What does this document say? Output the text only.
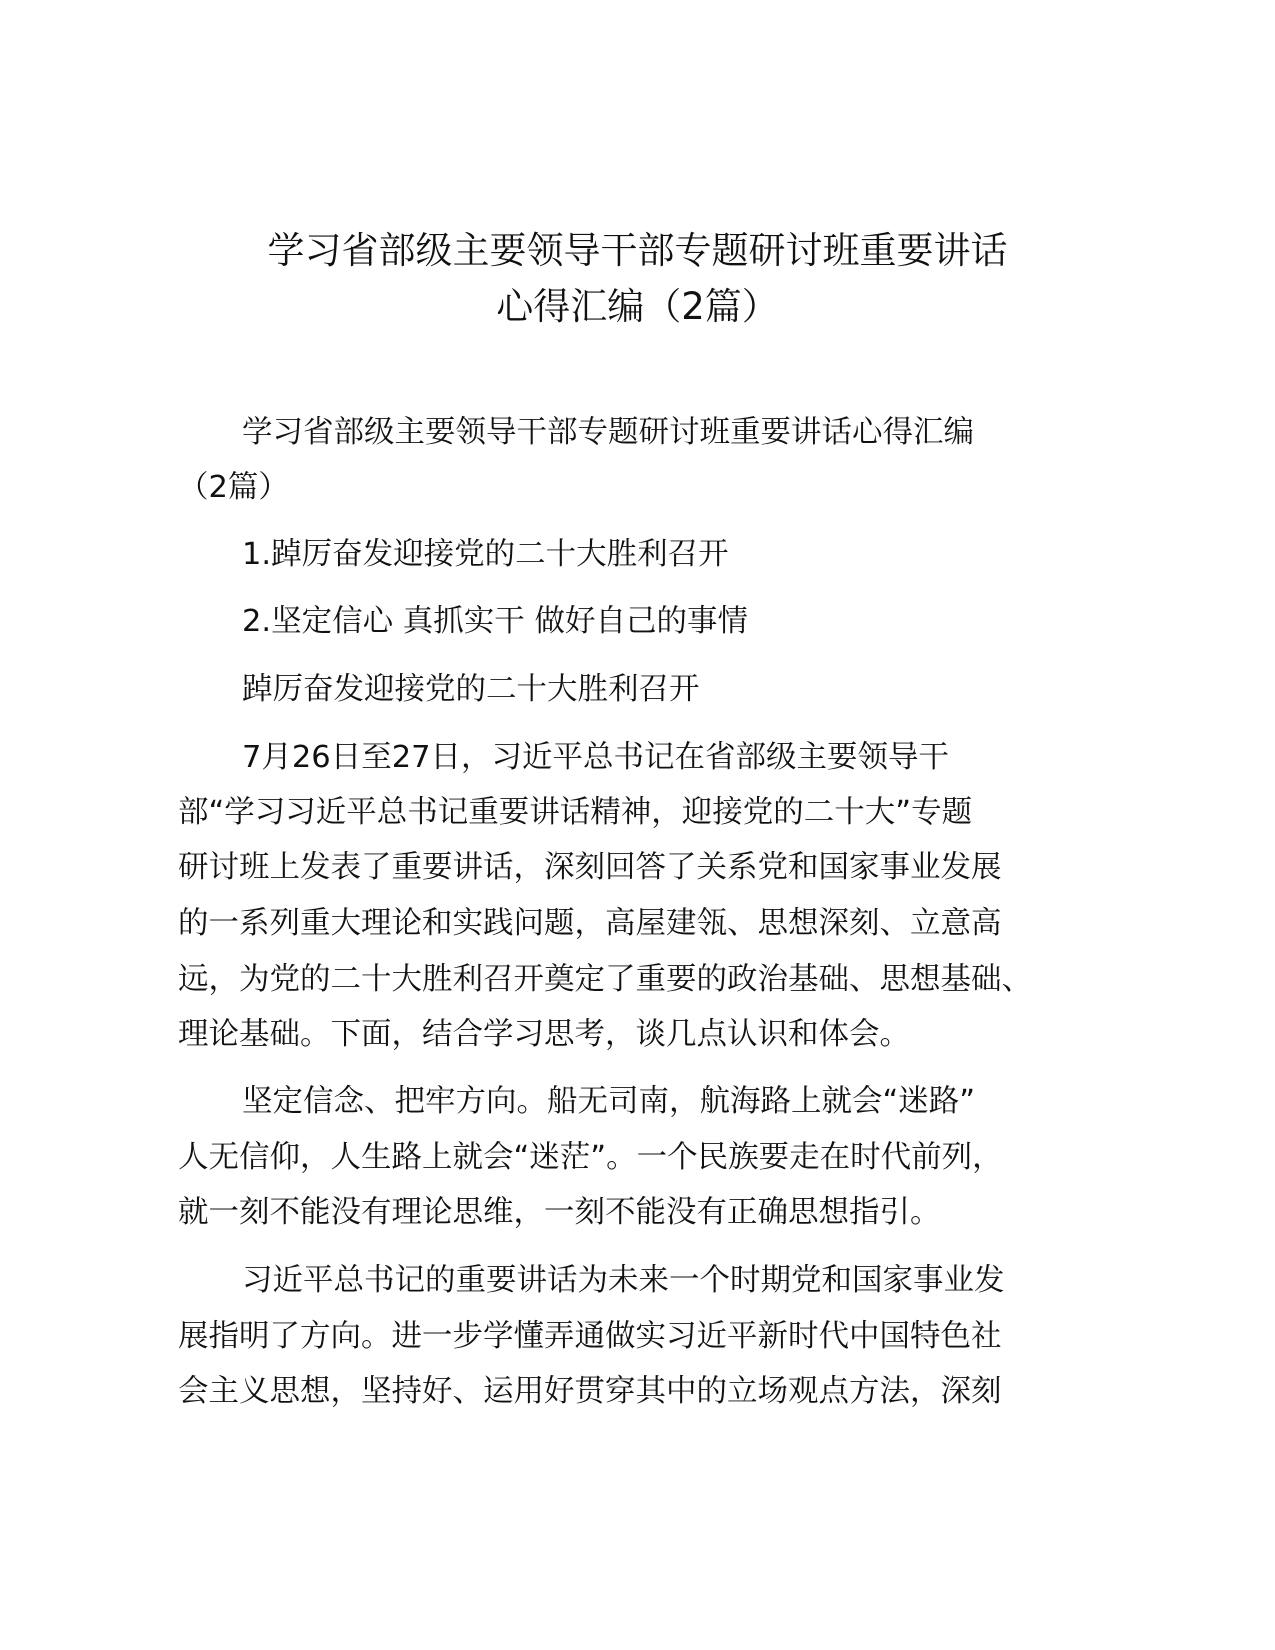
学习省部级主要领导干部专题研讨班重要讲话
心得汇编（2篇）
学习省部级主要领导干部专题研讨班重要讲话心得汇编
（2篇）
1.踔厉奋发迎接党的二十大胜利召开
2.坚定信心 真抓实干 做好自己的事情
踔厉奋发迎接党的二十大胜利召开
7月26日至27日，习近平总书记在省部级主要领导干
部“学习习近平总书记重要讲话精神，迎接党的二十大”专题
研讨班上发表了重要讲话，深刻回答了关系党和国家事业发展
的一系列重大理论和实践问题，高屋建瓴、思想深刻、立意高
远，为党的二十大胜利召开奠定了重要的政治基础、思想基础、
理论基础。下面，结合学习思考，谈几点认识和体会。
坚定信念、把牢方向。船无司南，航海路上就会“迷路”
人无信仰，人生路上就会“迷茫”。一个民族要走在时代前列，
就一刻不能没有理论思维，一刻不能没有正确思想指引。
习近平总书记的重要讲话为未来一个时期党和国家事业发
展指明了方向。进一步学懂弄通做实习近平新时代中国特色社
会主义思想，坚持好、运用好贯穿其中的立场观点方法，深刻
